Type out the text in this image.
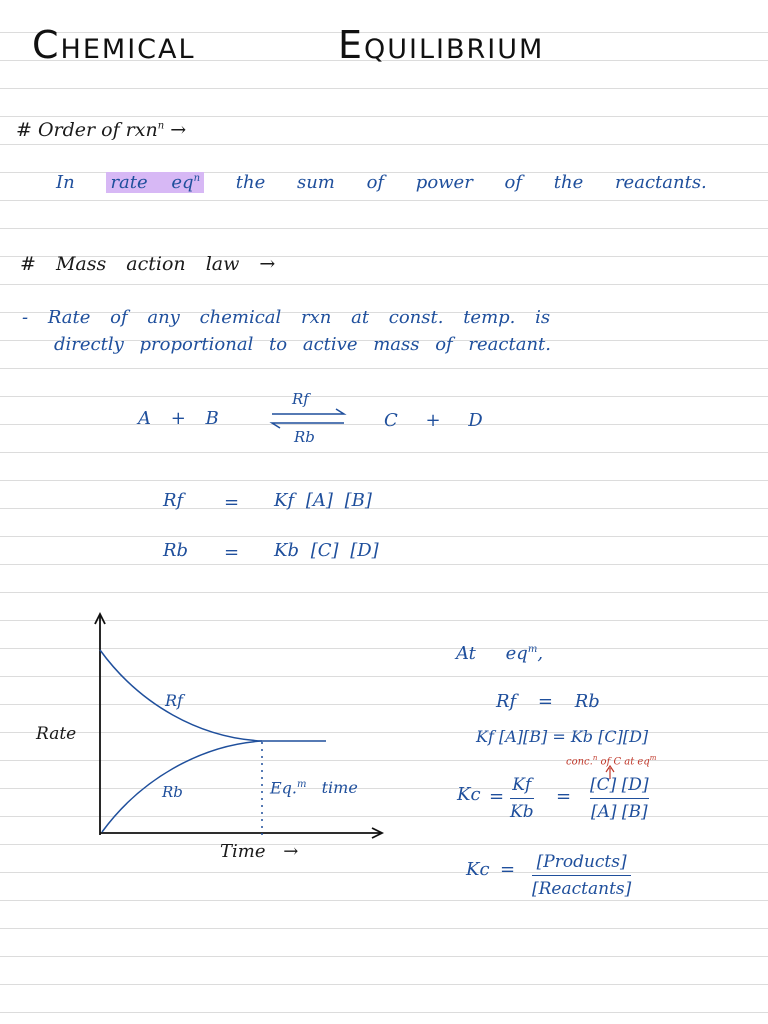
Chemical	Equilibrium
# Order of rxn$^n$ →
In rate $eq^n$ the sum of power of the reactants.
# Mass action law →
- Rate of any chemical rxn at const. temp. is
directly proportional to active mass of reactant.
A + B
Rf
Rb
C + D
Rf = Kf [A] [B]
Rb = Kb [C] [D]
Rate
Rf
Rb	Eq.$^m$ time
Time →
At $eq^m$,
Rf = Rb
Kf [A][B] = Kb [C][D]
conc.$^n$ of C at $eq^m$
$Kc = \frac{Kf}{Kb} = \frac{[C] [D]}{[A] [B]}$
Kc = [Products]
[Reactants]
